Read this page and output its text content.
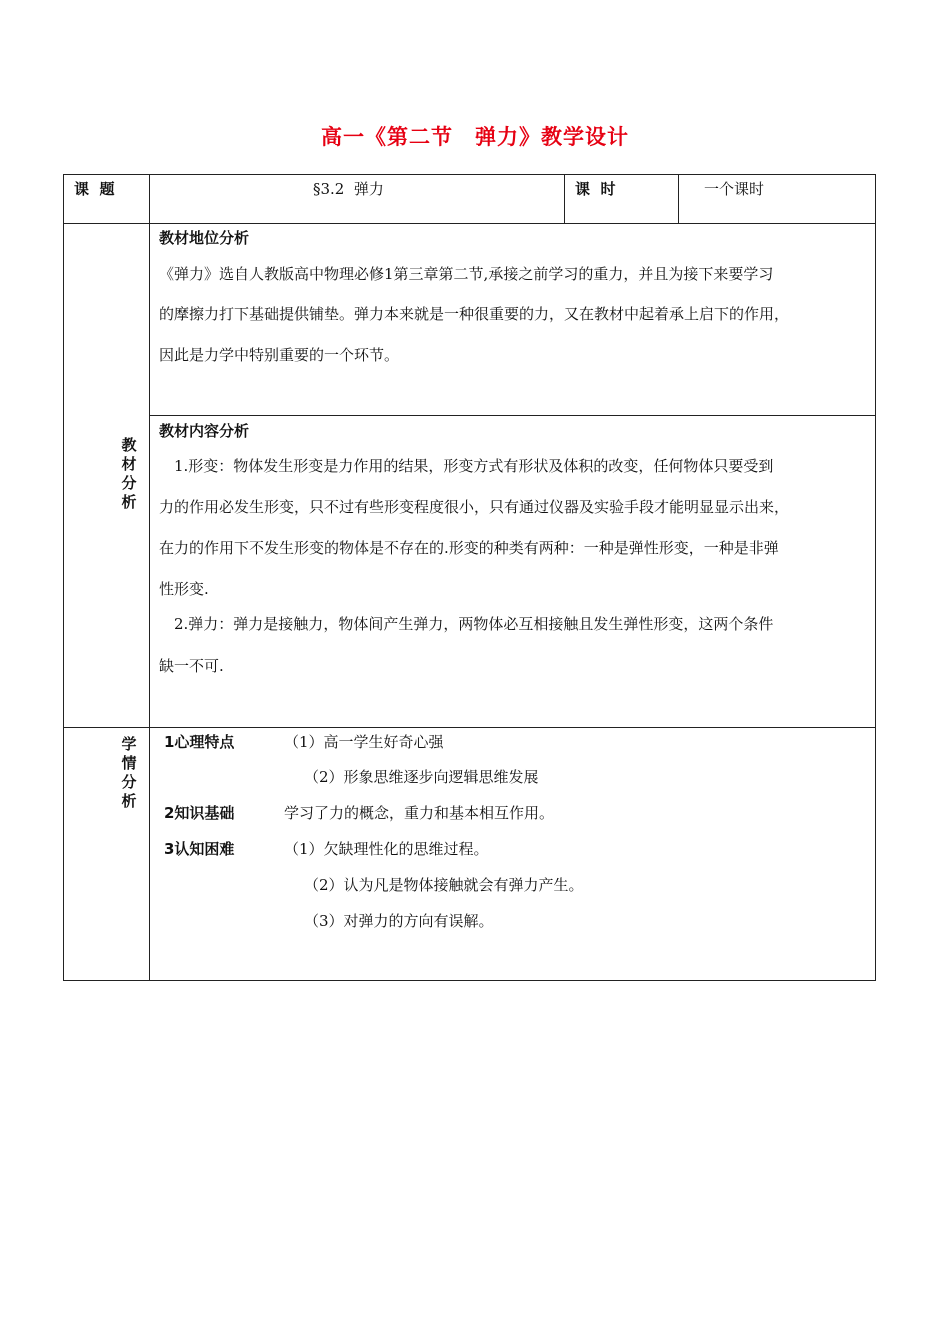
高一《第二节　弹力》教学设计
课  题	§3.2  弹力	课  时	一个课时
教材分析
教材地位分析
《弹力》选自人教版高中物理必修1第三章第二节,承接之前学习的重力，并且为接下来要学习
的摩擦力打下基础提供铺垫。弹力本来就是一种很重要的力，又在教材中起着承上启下的作用，
因此是力学中特别重要的一个环节。
教材内容分析
　1.形变：物体发生形变是力作用的结果，形变方式有形状及体积的改变，任何物体只要受到
力的作用必发生形变，只不过有些形变程度很小，只有通过仪器及实验手段才能明显显示出来，
在力的作用下不发生形变的物体是不存在的.形变的种类有两种：一种是弹性形变，一种是非弹
性形变.
　2.弹力：弹力是接触力，物体间产生弹力，两物体必互相接触且发生弹性形变，这两个条件
缺一不可.
学情分析
1心理特点	（1）高一学生好奇心强
（2）形象思维逐步向逻辑思维发展
2知识基础	学习了力的概念，重力和基本相互作用。
3认知困难	（1）欠缺理性化的思维过程。
（2）认为凡是物体接触就会有弹力产生。
（3）对弹力的方向有误解。
